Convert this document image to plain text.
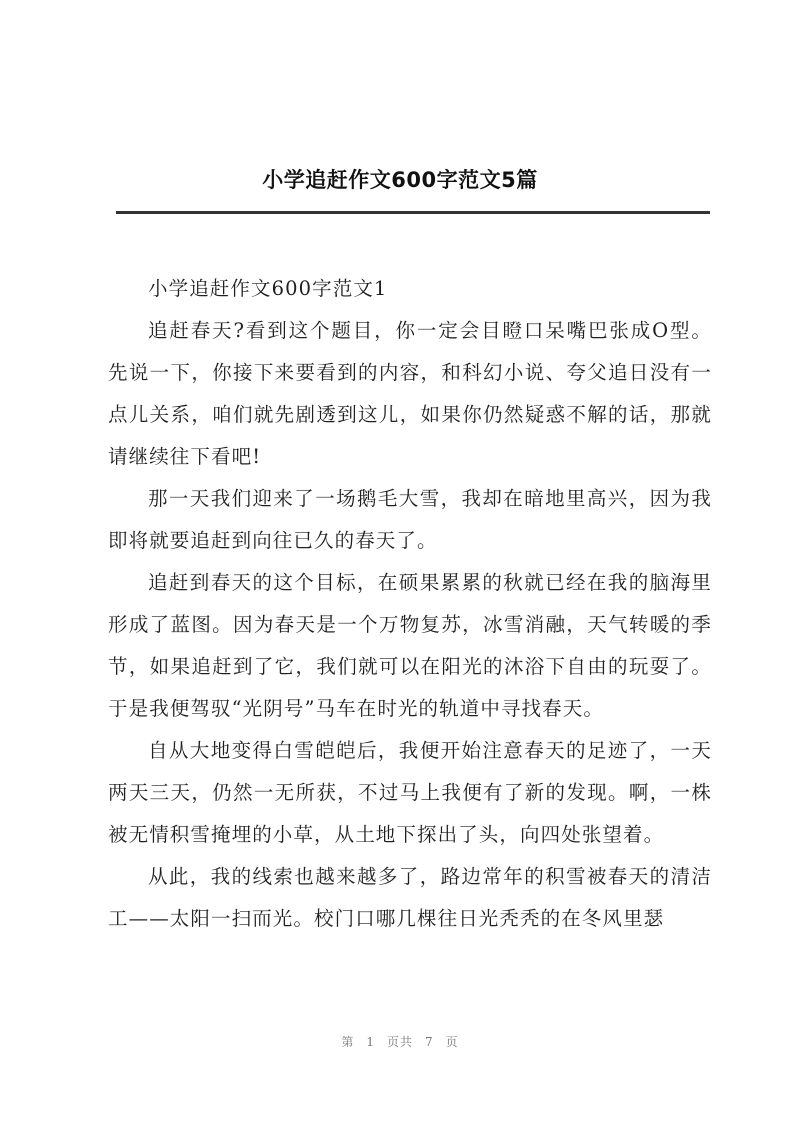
小学追赶作文600字范文5篇

小学追赶作文600字范文1

追赶春天?看到这个题目，你一定会目瞪口呆嘴巴张成O型。先说一下，你接下来要看到的内容，和科幻小说、夸父追日没有一点儿关系，咱们就先剧透到这儿，如果你仍然疑惑不解的话，那就请继续往下看吧!

那一天我们迎来了一场鹅毛大雪，我却在暗地里高兴，因为我即将就要追赶到向往已久的春天了。

追赶到春天的这个目标，在硕果累累的秋就已经在我的脑海里形成了蓝图。因为春天是一个万物复苏，冰雪消融，天气转暖的季节，如果追赶到了它，我们就可以在阳光的沐浴下自由的玩耍了。于是我便驾驭“光阴号”马车在时光的轨道中寻找春天。

自从大地变得白雪皑皑后，我便开始注意春天的足迹了，一天两天三天，仍然一无所获，不过马上我便有了新的发现。啊，一株被无情积雪掩埋的小草，从土地下探出了头，向四处张望着。

从此，我的线索也越来越多了，路边常年的积雪被春天的清洁工——太阳一扫而光。校门口哪几棵往日光秃秃的在冬风里瑟

第 1 页共 7 页
